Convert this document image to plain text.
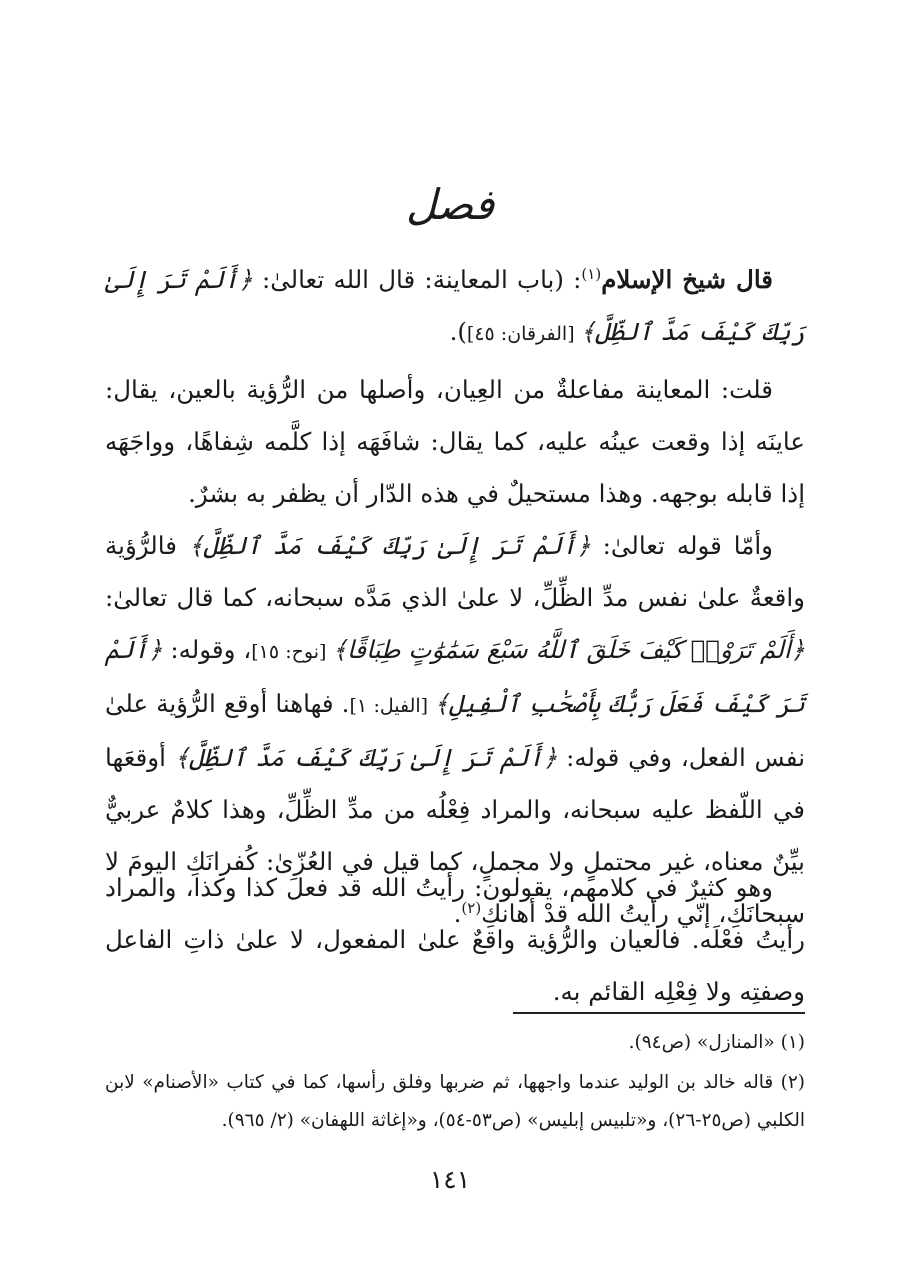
فصل

قال شيخ الإسلام$^{(١)}$: (باب المعاينة: قال الله تعالىٰ: ﴿أَلَمْ تَرَ إِلَىٰ رَبِّكَ كَيْفَ مَدَّ ٱلظِّلَّ﴾ [الفرقان: ٤٥]).

قلت: المعاينة مفاعلةٌ من العِيان، وأصلها من الرُّؤية بالعين، يقال: عاينَه إذا وقعت عينُه عليه، كما يقال: شافَهَه إذا كلَّمه شِفاهًا، وواجَهَه إذا قابله بوجهه. وهذا مستحيلٌ في هذه الدّار أن يظفر به بشرٌ.

وأمّا قوله تعالىٰ: ﴿أَلَمْ تَرَ إِلَىٰ رَبِّكَ كَيْفَ مَدَّ ٱلظِّلَّ﴾ فالرُّؤية واقعةٌ علىٰ نفس مدِّ الظِّلِّ، لا علىٰ الذي مَدَّه سبحانه، كما قال تعالىٰ: ﴿أَلَمْ تَرَوْا۟ كَيْفَ خَلَقَ ٱللَّهُ سَبْعَ سَمَٰوَٰتٍ طِبَاقًا﴾ [نوح: ١٥]، وقوله: ﴿أَلَمْ تَرَ كَيْفَ فَعَلَ رَبُّكَ بِأَصْحَٰبِ ٱلْفِيلِ﴾ [الفيل: ١]. فهاهنا أوقع الرُّؤية علىٰ نفس الفعل، وفي قوله: ﴿أَلَمْ تَرَ إِلَىٰ رَبِّكَ كَيْفَ مَدَّ ٱلظِّلَّ﴾ أوقعَها في اللّفظ عليه سبحانه، والمراد فِعْلُه من مدِّ الظِّلِّ، وهذا كلامٌ عربيٌّ بيِّنٌ معناه، غير محتملٍ ولا مجملٍ، كما قيل في العُزّىٰ: كُفرانَكِ اليومَ لا سبحانَكِ، إنّي رأيتُ الله قدْ أهانكِ$^{(٢)}$.

وهو كثيرٌ في كلامهم، يقولون: رأيتُ الله قد فعلَ كذا وكذا، والمراد رأيتُ فعْلَه. فالعيان والرُّؤية واقعٌ علىٰ المفعول، لا علىٰ ذاتِ الفاعل وصفتِه ولا فِعْلِه القائم به.

(١) «المنازل» (ص٩٤).
(٢) قاله خالد بن الوليد عندما واجهها، ثم ضربها وفلق رأسها، كما في كتاب «الأصنام» لابن الكلبي (ص٢٥-٢٦)، و«تلبيس إبليس» (ص٥٣-٥٤)، و«إغاثة اللهفان» (٢/ ٩٦٥).
١٤١
